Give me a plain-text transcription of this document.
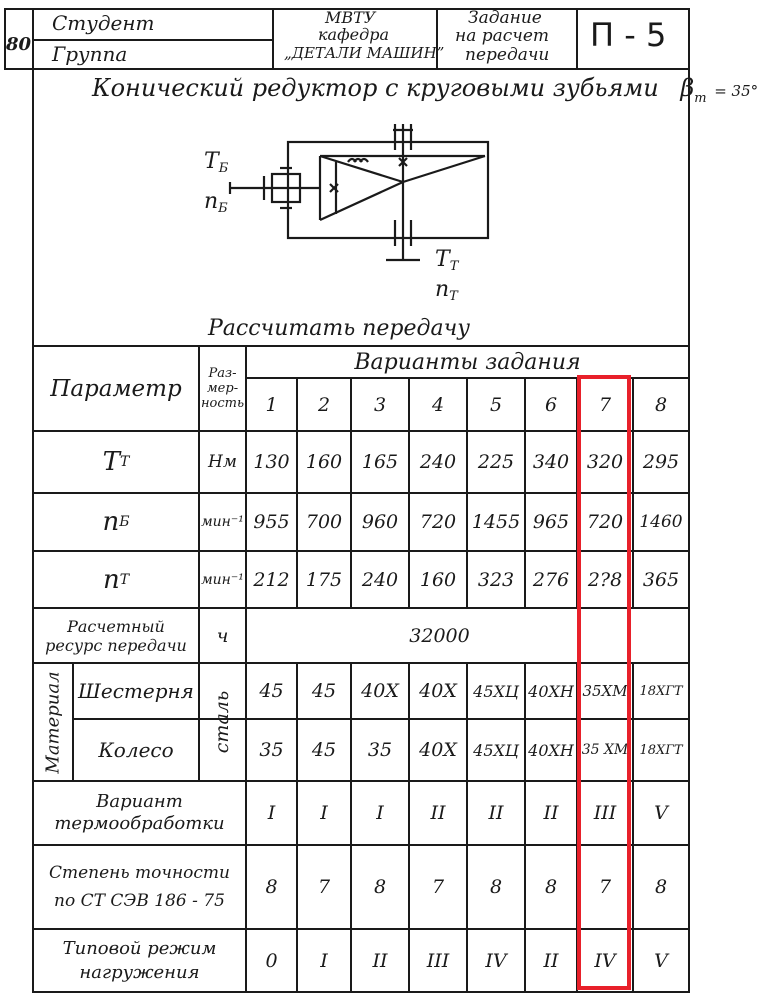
80
Студент
Группа
МВТУ
кафедра
„ДЕТАЛИ МАШИН”
Задание
на расчет
передачи
П - 5
Конический редуктор с круговыми зубьями $\beta_m = 35^\circ$
TБ
nБ
TT
nT
Рассчитать передачу
Параметр
Раз-
мер-
ность
Варианты задания
1	2	3	4	5	6	7	8
T T	Нм 130 160	165	240	225 340 320	295
n Б	мин⁻¹ 955 700	960	720 1455 965 720 1460
n T	мин⁻¹ 212 175	240	160	323 276 2?8	365
Расчетный
ресурс передачи	ч	32000
Материал	сталь
Шестерня	45	45	40Х	40Х	45ХЦ 40ХН 35ХМ 18ХГТ
Колесо	35	45	35	40Х	45ХЦ 40ХН 35 ХМ 18ХГТ
Вариант
термообработки	I	I	I	II	II	II	III	V
Степень точности
по СТ СЭВ 186 - 75
8	7	8	7	8	8	7	8
Типовой режим
нагружения
0	I	II	III	IV	II	IV	V
